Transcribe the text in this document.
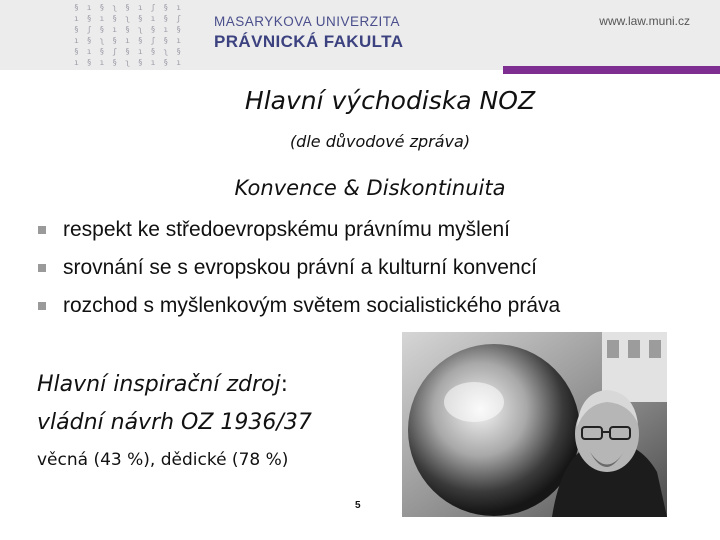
§ ı § ʅ § ı ʃ § ı
ı § ı § ʅ § ı § ʃ
§ ʃ § ı § ʅ § ı §
ı § ʅ § ı § ʃ § ı
§ ı § ʃ § ı § ʅ §
ı § ı § ʅ § ı § ı
MASARYKOVA UNIVERZITA
PRÁVNICKÁ FAKULTA
www.law.muni.cz
Hlavní východiska NOZ
(dle důvodové zpráva)
Konvence & Diskontinuita
respekt ke středoevropskému právnímu myšlení
srovnání se s evropskou právní a kulturní konvencí
rozchod s myšlenkovým světem socialistického práva
Hlavní inspirační zdroj:
vládní návrh OZ 1936/37
věcná (43 %), dědické (78 %)
5
